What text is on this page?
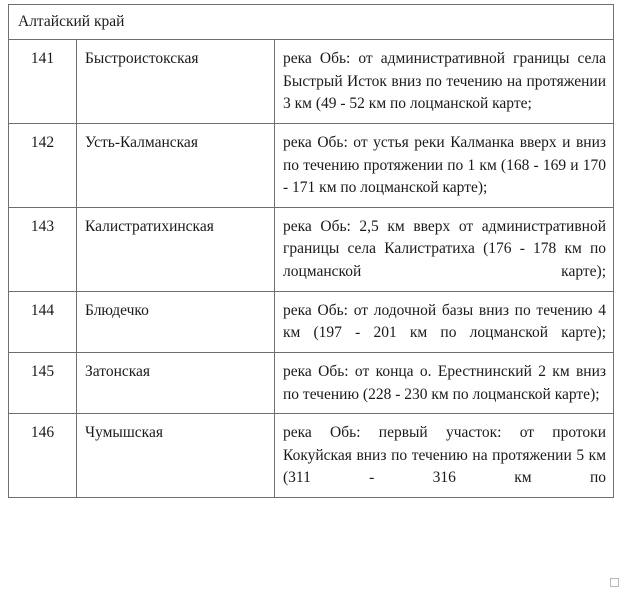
Алтайский край		

141	Быстроистокская	река Обь: от административной границы села Быстрый Исток вниз по течению на протяжении 3 км (49 - 52 км по лоцманской карте;

142	Усть-Калманская	река Обь: от устья реки Калманка вверх и вниз по течению протяжении по 1 км (168 - 169 и 170 - 171 км по лоцманской карте);

143	Калистратихинская	река Обь: 2,5 км вверх от административной границы села Калистратиха (176 - 178 км по лоцманской карте);

144	Блюдечко	река Обь: от лодочной базы вниз по течению 4 км (197 - 201 км по лоцманской карте);

145	Затонская	река Обь: от конца о. Ерестнинский 2 км вниз по течению (228 - 230 км по лоцманской карте);

146	Чумышская	река Обь: первый участок: от протоки Кокуйская вниз по течению на протяжении 5 км (311 - 316 км по
